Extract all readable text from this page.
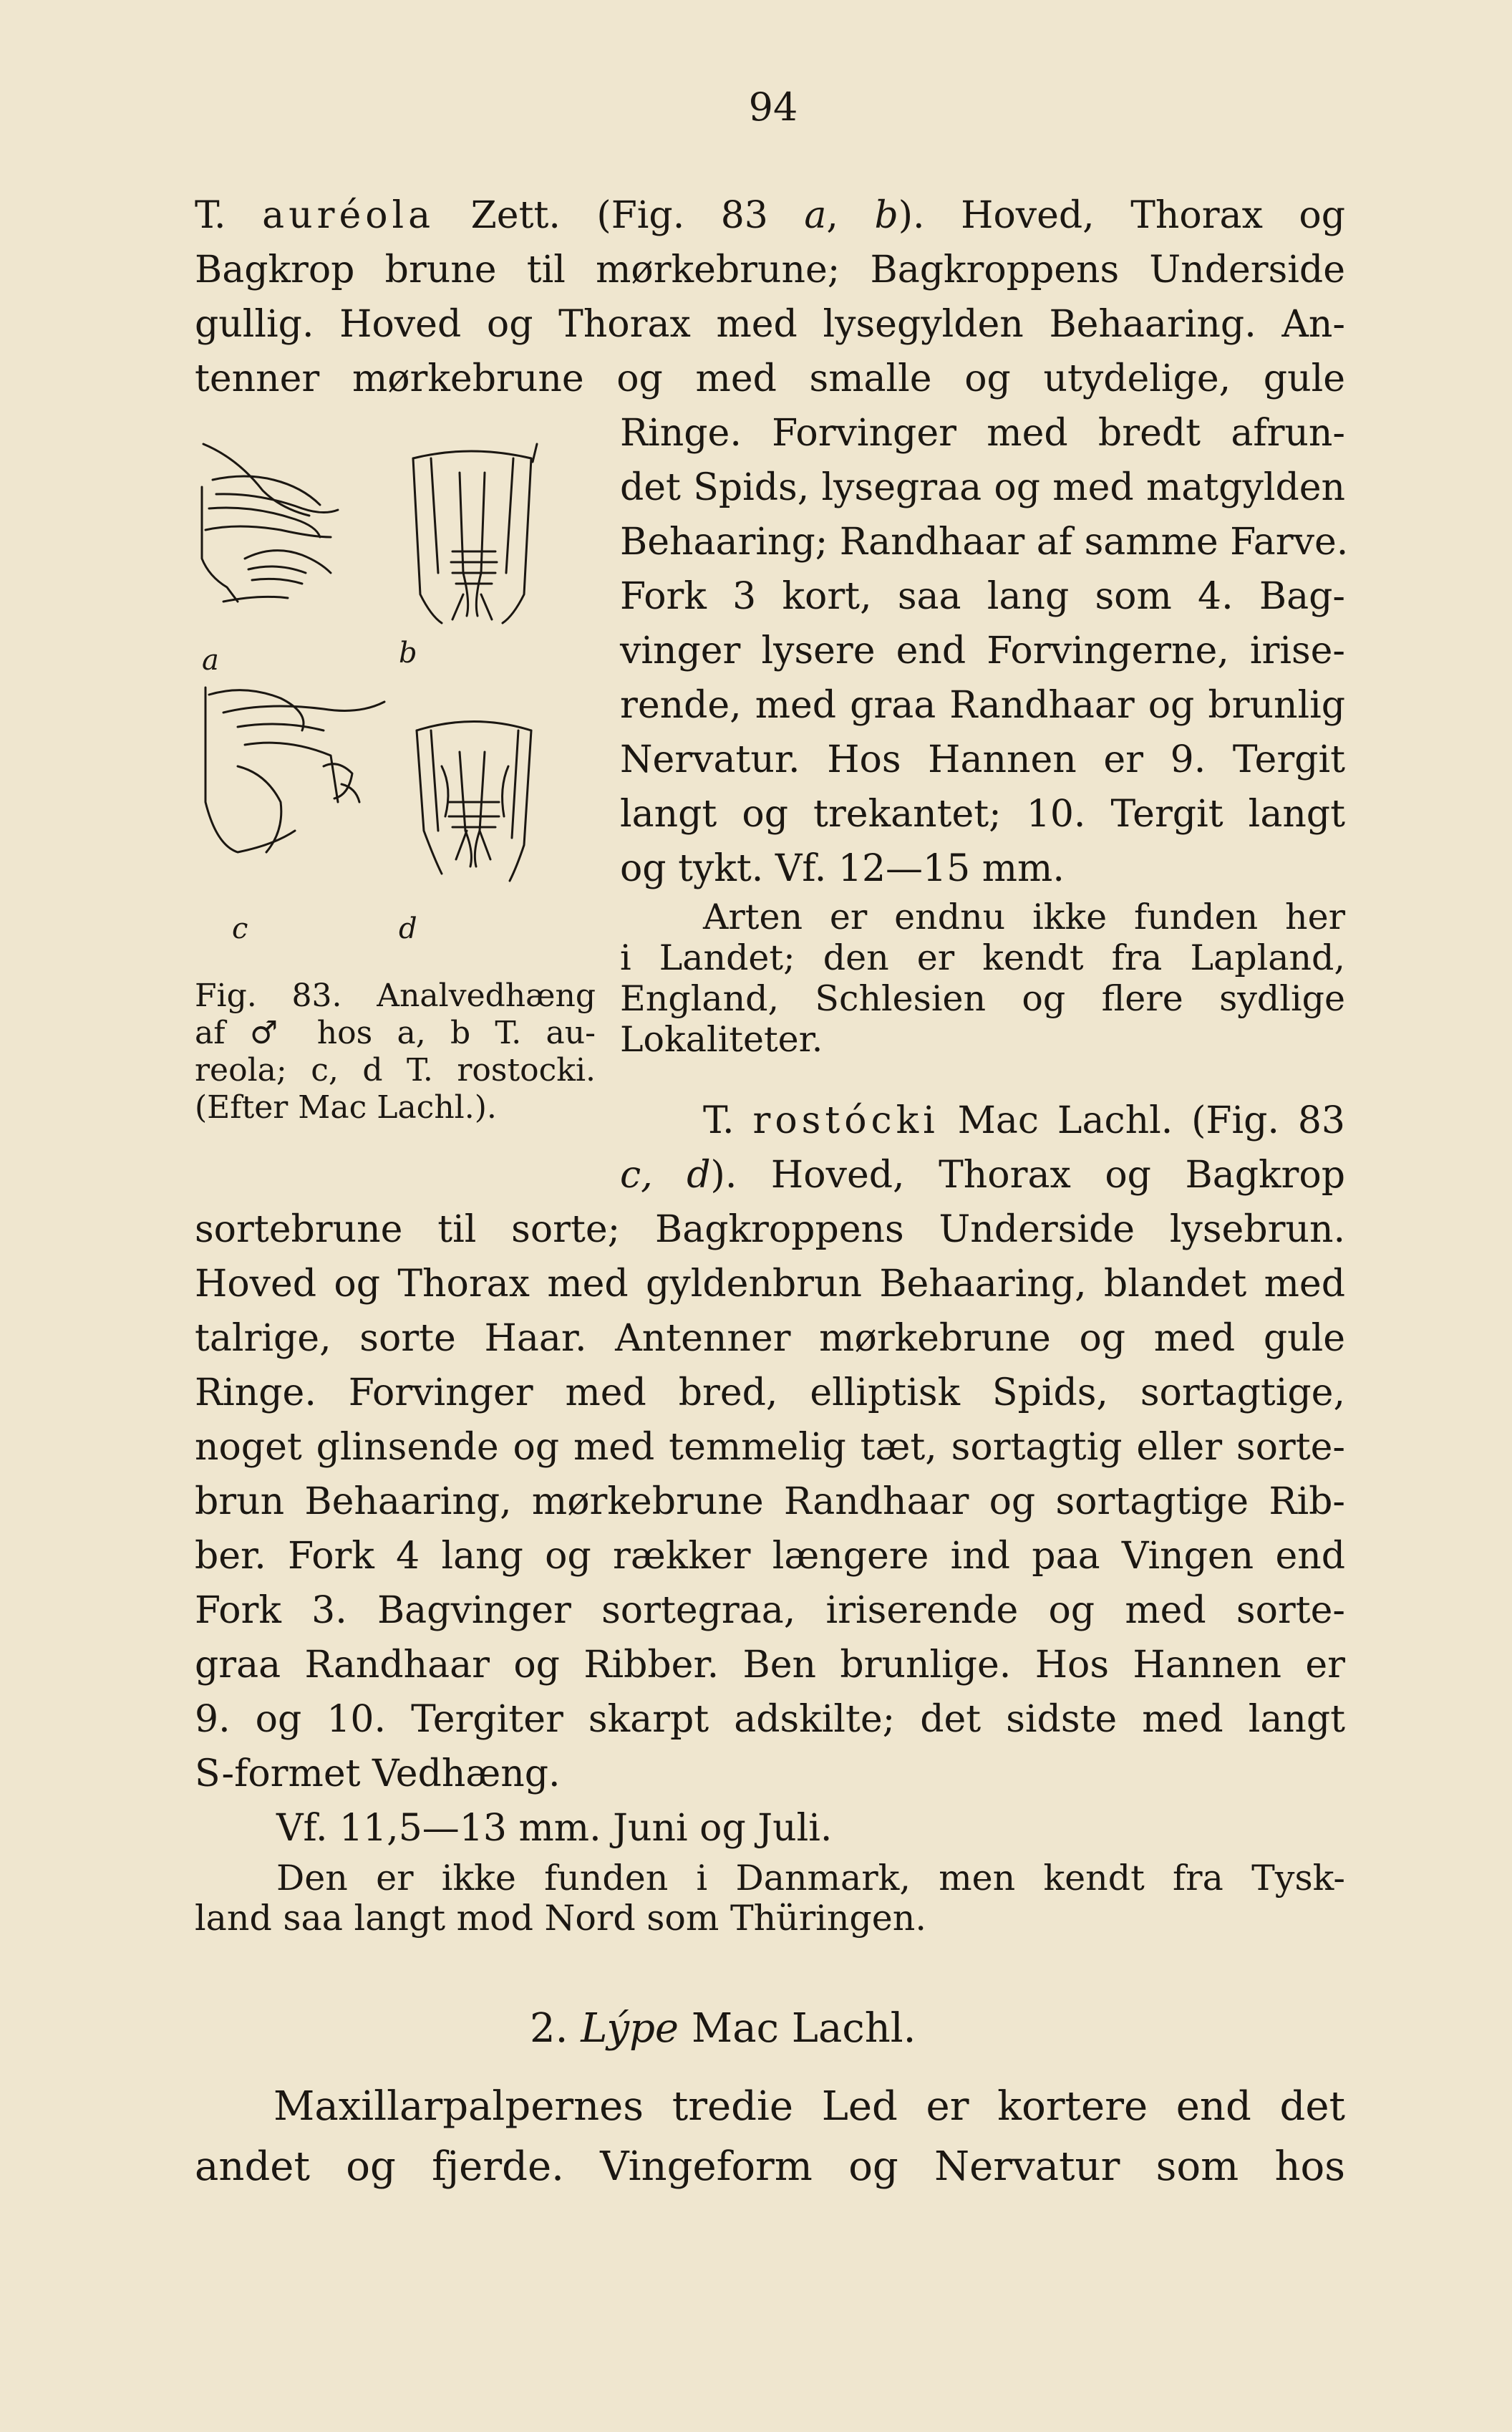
94
T. auréola Zett. (Fig. 83 a, b). Hoved, Thorax og
Bagkrop brune til mørkebrune; Bagkroppens Underside
gullig. Hoved og Thorax med lysegylden Behaaring. An-
tenner mørkebrune og med smalle og utydelige, gule
Ringe. Forvinger med bredt afrun-
det Spids, lysegraa og med matgylden
Behaaring; Randhaar af samme Farve.
Fork 3 kort, saa lang som 4. Bag-
vinger lysere end Forvingerne, irise-
rende, med graa Randhaar og brunlig
Nervatur. Hos Hannen er 9. Tergit
langt og trekantet; 10. Tergit langt
og tykt. Vf. 12—15 mm.
Arten er endnu ikke funden her
i Landet; den er kendt fra Lapland,
England, Schlesien og flere sydlige
Lokaliteter.
a	b
c	d
Fig. 83. Analvedhæng
af ♂ hos a, b T. au-
reola; c, d T. rostocki.
(Efter Mac Lachl.).	T. rostócki Mac Lachl. (Fig. 83
c, d). Hoved, Thorax og Bagkrop
sortebrune til sorte; Bagkroppens Underside lysebrun.
Hoved og Thorax med gyldenbrun Behaaring, blandet med
talrige, sorte Haar. Antenner mørkebrune og med gule
Ringe. Forvinger med bred, elliptisk Spids, sortagtige,
noget glinsende og med temmelig tæt, sortagtig eller sorte-
brun Behaaring, mørkebrune Randhaar og sortagtige Rib-
ber. Fork 4 lang og rækker længere ind paa Vingen end
Fork 3. Bagvinger sortegraa, iriserende og med sorte-
graa Randhaar og Ribber. Ben brunlige. Hos Hannen er
9. og 10. Tergiter skarpt adskilte; det sidste med langt
S-formet Vedhæng.
Vf. 11,5—13 mm. Juni og Juli.
Den er ikke funden i Danmark, men kendt fra Tysk-
land saa langt mod Nord som Thüringen.
2. Lýpe Mac Lachl.
Maxillarpalpernes tredie Led er kortere end det
andet og fjerde. Vingeform og Nervatur som hos
